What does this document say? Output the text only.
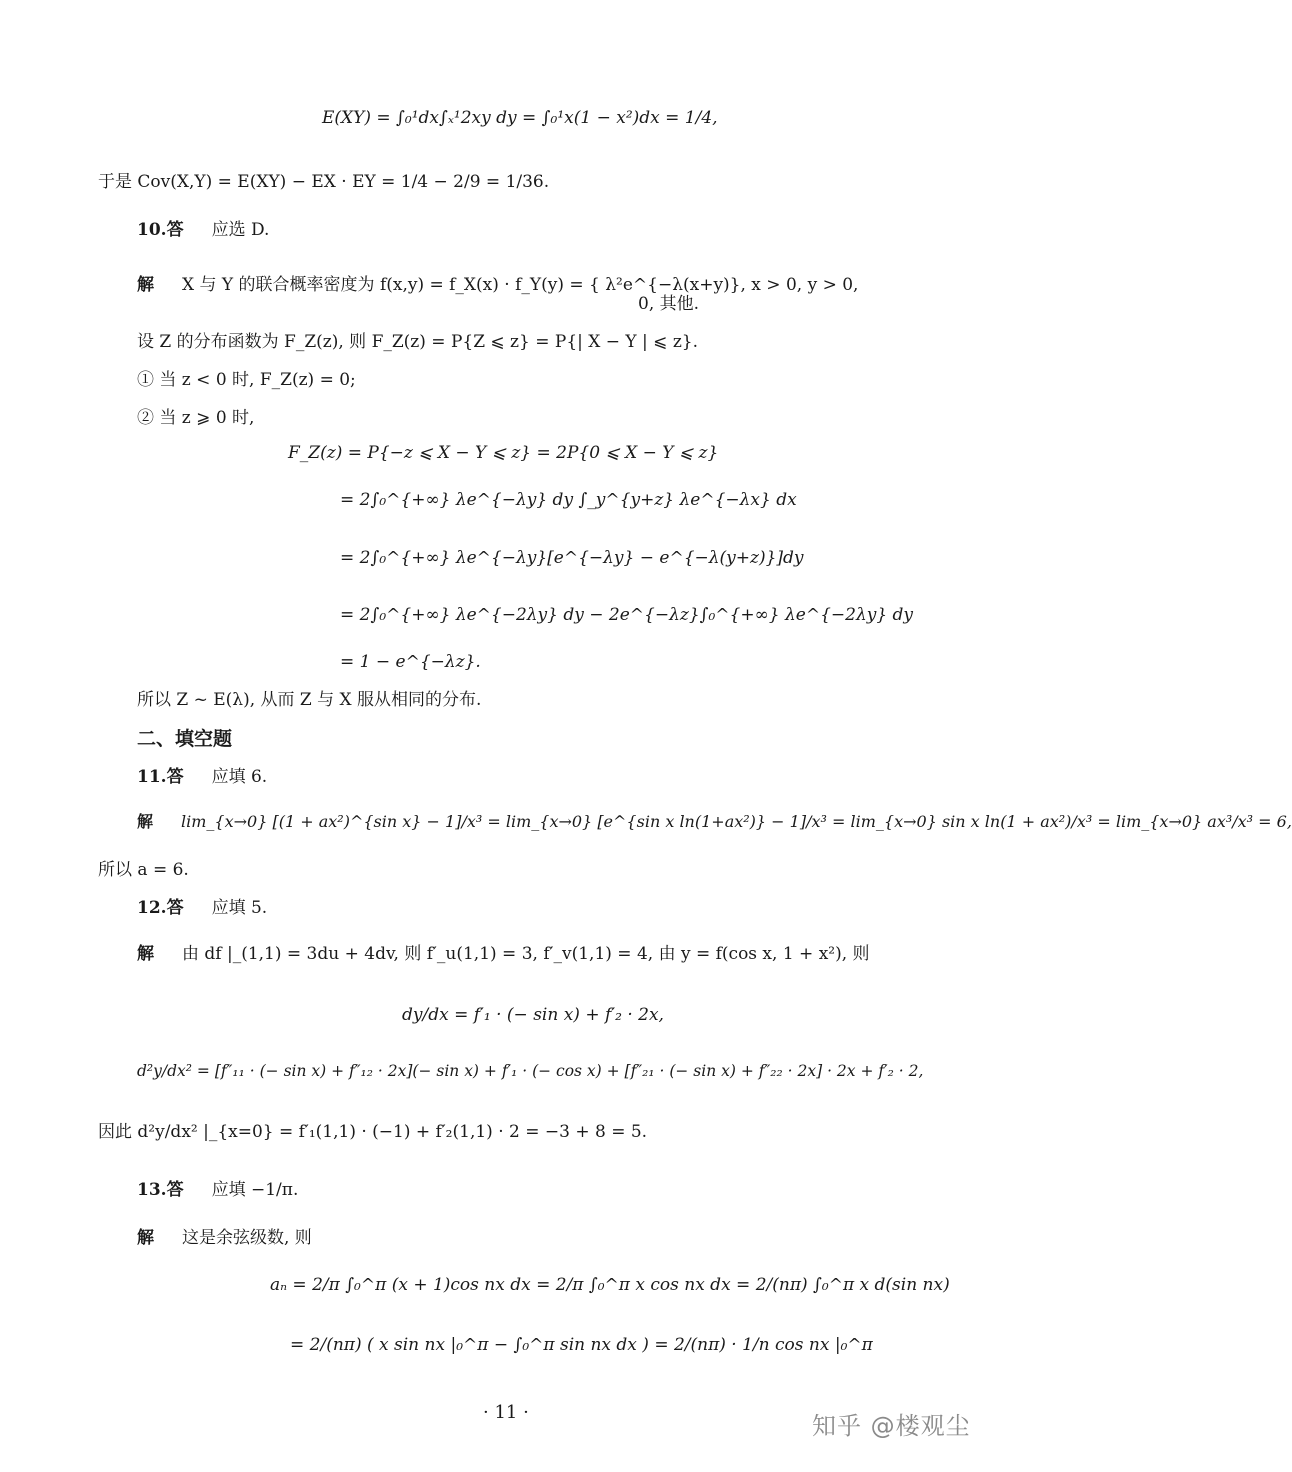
E(XY) = ∫₀¹dx∫ₓ¹2xy dy = ∫₀¹x(1 − x²)dx = 1/4,
于是 Cov(X,Y) = E(XY) − EX · EY = 1/4 − 2/9 = 1/36.
10.答 应选 D.
解 X 与 Y 的联合概率密度为 f(x,y) = f_X(x) · f_Y(y) = { λ²e^{−λ(x+y)}, x > 0, y > 0,
0, 其他.
设 Z 的分布函数为 F_Z(z), 则 F_Z(z) = P{Z ⩽ z} = P{| X − Y | ⩽ z}.
① 当 z < 0 时, F_Z(z) = 0;
② 当 z ⩾ 0 时,
F_Z(z) = P{−z ⩽ X − Y ⩽ z} = 2P{0 ⩽ X − Y ⩽ z}
= 2∫₀^{+∞} λe^{−λy} dy ∫_y^{y+z} λe^{−λx} dx
= 2∫₀^{+∞} λe^{−λy}[e^{−λy} − e^{−λ(y+z)}]dy
= 2∫₀^{+∞} λe^{−2λy} dy − 2e^{−λz}∫₀^{+∞} λe^{−2λy} dy
= 1 − e^{−λz}.
所以 Z ~ E(λ), 从而 Z 与 X 服从相同的分布.
二、填空题
11.答 应填 6.
解 lim_{x→0} [(1 + ax²)^{sin x} − 1]/x³ = lim_{x→0} [e^{sin x ln(1+ax²)} − 1]/x³ = lim_{x→0} sin x ln(1 + ax²)/x³ = lim_{x→0} ax³/x³ = 6,
所以 a = 6.
12.答 应填 5.
解 由 df |_(1,1) = 3du + 4dv, 则 f′_u(1,1) = 3, f′_v(1,1) = 4, 由 y = f(cos x, 1 + x²), 则
dy/dx = f′₁ · (− sin x) + f′₂ · 2x,
d²y/dx² = [f″₁₁ · (− sin x) + f″₁₂ · 2x](− sin x) + f′₁ · (− cos x) + [f″₂₁ · (− sin x) + f″₂₂ · 2x] · 2x + f′₂ · 2,
因此 d²y/dx² |_{x=0} = f′₁(1,1) · (−1) + f′₂(1,1) · 2 = −3 + 8 = 5.
13.答 应填 −1/π.
解 这是余弦级数, 则
aₙ = 2/π ∫₀^π (x + 1)cos nx dx = 2/π ∫₀^π x cos nx dx = 2/(nπ) ∫₀^π x d(sin nx)
= 2/(nπ) ( x sin nx |₀^π − ∫₀^π sin nx dx ) = 2/(nπ) · 1/n cos nx |₀^π
· 11 ·	知乎 @楼观尘
